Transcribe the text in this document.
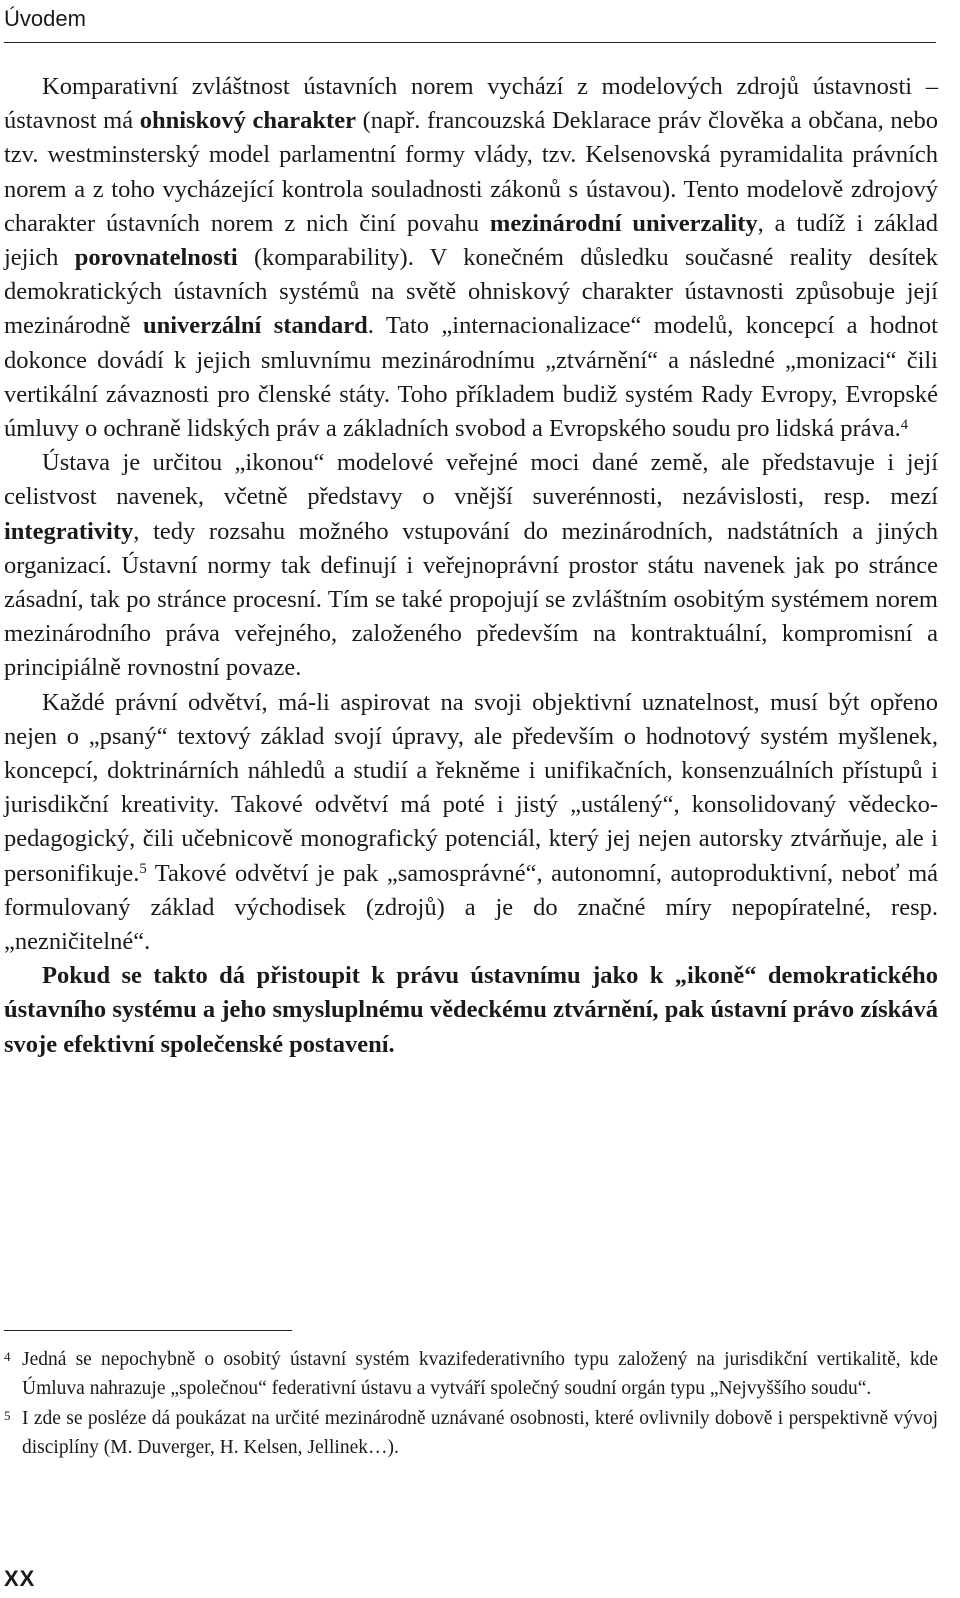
Úvodem

Komparativní zvláštnost ústavních norem vychází z modelových zdrojů ústavnosti – ústavnost má ohniskový charakter (např. francouzská Deklarace práv člověka a občana, nebo tzv. westminsterský model parlamentní formy vlády, tzv. Kelsenovská pyramidalita právních norem a z toho vycházející kontrola souladnosti zákonů s ústavou). Tento modelově zdrojový charakter ústavních norem z nich činí povahu mezinárodní univerzality, a tudíž i základ jejich porovnatelnosti (komparability). V konečném důsledku současné reality desítek demokratických ústavních systémů na světě ohniskový charakter ústavnosti způsobuje její mezinárodně univerzální standard. Tato „internacionalizace“ modelů, koncepcí a hodnot dokonce dovádí k jejich smluvnímu mezinárodnímu „ztvárnění“ a následné „monizaci“ čili vertikální závaznosti pro členské státy. Toho příkladem budiž systém Rady Evropy, Evropské úmluvy o ochraně lidských práv a základních svobod a Evropského soudu pro lidská práva.$^4$

Ústava je určitou „ikonou“ modelové veřejné moci dané země, ale představuje i její celistvost navenek, včetně představy o vnější suverénnosti, nezávislosti, resp. mezí integrativity, tedy rozsahu možného vstupování do mezinárodních, nadstátních a jiných organizací. Ústavní normy tak definují i veřejnoprávní prostor státu navenek jak po stránce zásadní, tak po stránce procesní. Tím se také propojují se zvláštním osobitým systémem norem mezinárodního práva veřejného, založeného především na kontraktuální, kompromisní a principiálně rovnostní povaze.

Každé právní odvětví, má-li aspirovat na svoji objektivní uznatelnost, musí být opřeno nejen o „psaný“ textový základ svojí úpravy, ale především o hodnotový systém myšlenek, koncepcí, doktrinárních náhledů a studií a řekněme i unifikačních, konsenzuálních přístupů i jurisdikční kreativity. Takové odvětví má poté i jistý „ustálený“, konsolidovaný vědecko-pedagogický, čili učebnicově monografický potenciál, který jej nejen autorsky ztvárňuje, ale i personifikuje.$^5$ Takové odvětví je pak „samosprávné“, autonomní, autoproduktivní, neboť má formulovaný základ východisek (zdrojů) a je do značné míry nepopíratelné, resp. „nezničitelné“.

Pokud se takto dá přistoupit k právu ústavnímu jako k „ikoně“ demokratického ústavního systému a jeho smysluplnému vědeckému ztvárnění, pak ústavní právo získává svoje efektivní společenské postavení.

4 Jedná se nepochybně o osobitý ústavní systém kvazifederativního typu založený na jurisdikční vertikalitě, kde Úmluva nahrazuje „společnou“ federativní ústavu a vytváří společný soudní orgán typu „Nejvyššího soudu“.
5 I zde se posléze dá poukázat na určité mezinárodně uznávané osobnosti, které ovlivnily dobově i perspektivně vývoj disciplíny (M. Duverger, H. Kelsen, Jellinek…).
XX
